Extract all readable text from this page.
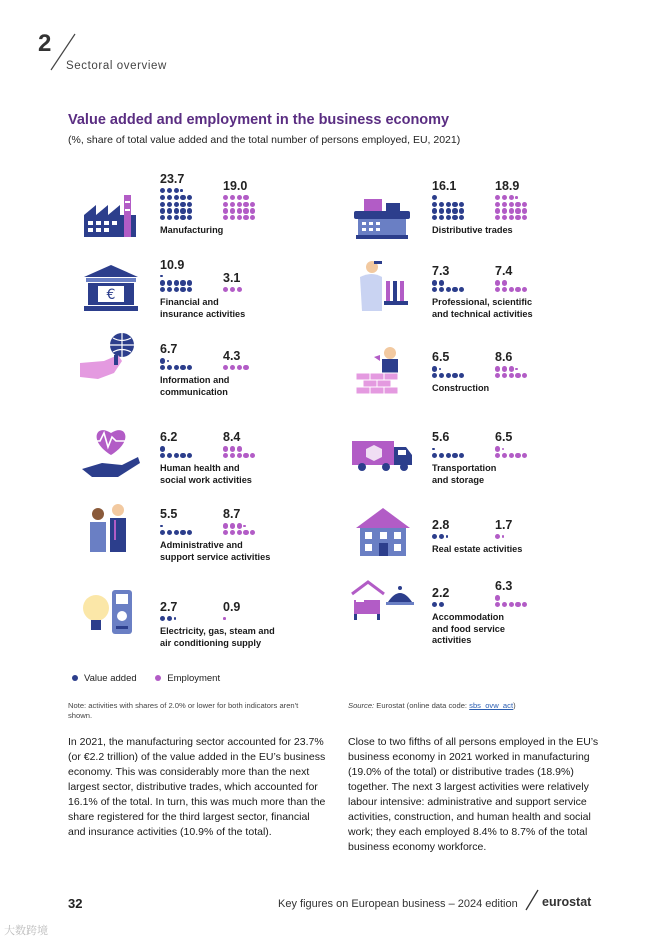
2
Sectoral overview
Value added and employment in the business economy
(%, share of total value added and the total number of persons employed, EU, 2021)
23.7	19.0
Manufacturing
16.1	18.9
Distributive trades
€
10.9
3.1
Financial and
insurance activities
7.3	7.4
Professional, scientific
and technical activities
6.7	4.3
Information and
communication
6.5	8.6
Construction
6.2	8.4
Human health and
social work activities
5.6	6.5
Transportation
and storage
5.5	8.7
Administrative and
support service activities
2.8	1.7
Real estate activities
2.7	0.9
Electricity, gas, steam and
air conditioning supply
2.2	6.3
Accommodation
and food service
activities
Value added	Employment
Note: activities with shares of 2.0% or lower for both indicators aren't shown.
Source: Eurostat (online data code: sbs_ovw_act)
In 2021, the manufacturing sector accounted for 23.7% (or €2.2 trillion) of the value added in the EU’s business economy. This was considerably more than the next largest sector, distributive trades, which accounted for 16.1% of the total. In turn, this was much more than the share registered for the third largest sector, financial and insurance activities (10.9% of the total).
Close to two fifths of all persons employed in the EU’s business economy in 2021 worked in manufacturing (19.0% of the total) or distributive trades (18.9%) together. The next 3 largest activities were relatively labour intensive: administrative and support service activities, construction, and human health and social work; they each employed 8.4% to 8.7% of the total business economy workforce.
32	Key figures on European business – 2024 edition eurostat
大数跨境
